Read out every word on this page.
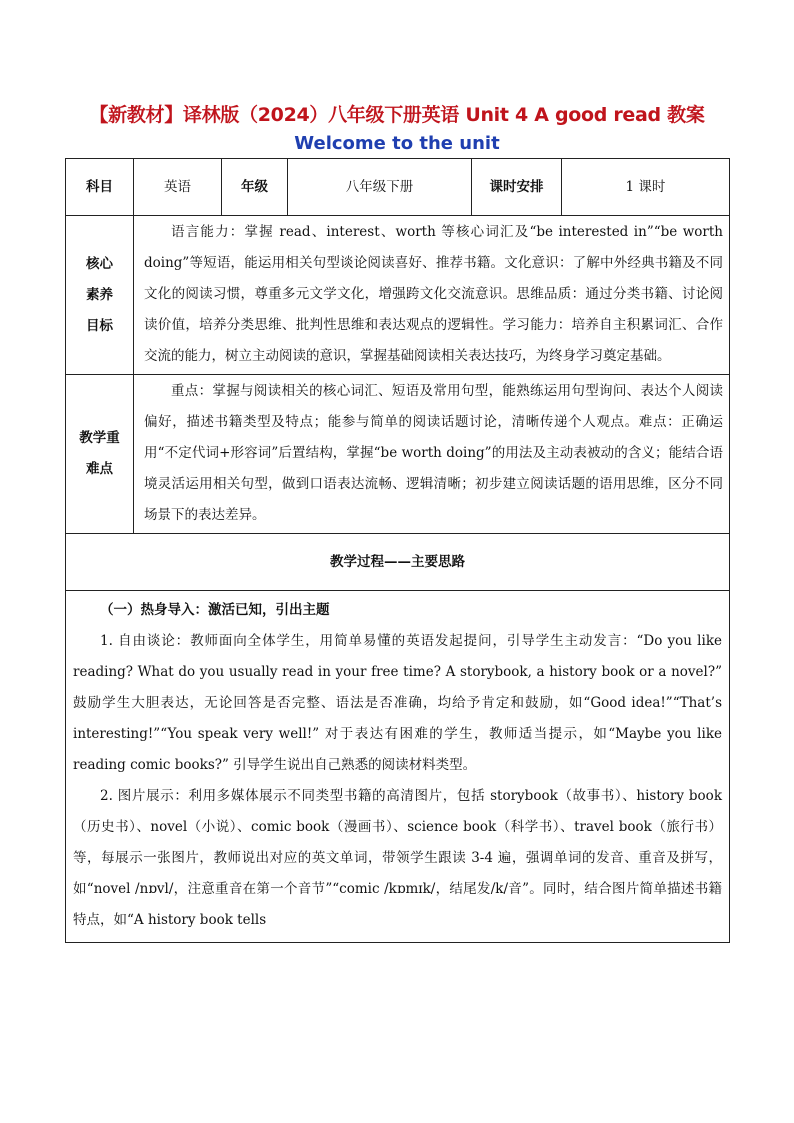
【新教材】译林版（2024）八年级下册英语 Unit 4 A good read 教案
Welcome to the unit
科目	英语	年级	八年级下册	课时安排	1 课时

核心素养目标	语言能力：掌握 read、interest、worth 等核心词汇及“be interested in”“be worth doing”等短语，能运用相关句型谈论阅读喜好、推荐书籍。文化意识：了解中外经典书籍及不同文化的阅读习惯，尊重多元文学文化，增强跨文化交流意识。思维品质：通过分类书籍、讨论阅读价值，培养分类思维、批判性思维和表达观点的逻辑性。学习能力：培养自主积累词汇、合作交流的能力，树立主动阅读的意识，掌握基础阅读相关表达技巧，为终身学习奠定基础。				

教学重难点	重点：掌握与阅读相关的核心词汇、短语及常用句型，能熟练运用句型询问、表达个人阅读偏好，描述书籍类型及特点；能参与简单的阅读话题讨论，清晰传递个人观点。难点：正确运用“不定代词+形容词”后置结构，掌握“be worth doing”的用法及主动表被动的含义；能结合语境灵活运用相关句型，做到口语表达流畅、逻辑清晰；初步建立阅读话题的语用思维，区分不同场景下的表达差异。				
教学过程——主要思路					

（一）热身导入：激活已知，引出主题

1. 自由谈论：教师面向全体学生，用简单易懂的英语发起提问，引导学生主动发言：“Do you like reading? What do you usually read in your free time? A storybook, a history book or a novel?” 鼓励学生大胆表达，无论回答是否完整、语法是否准确，均给予肯定和鼓励，如“Good idea!”“That’s interesting!”“You speak very well!” 对于表达有困难的学生，教师适当提示，如“Maybe you like reading comic books?” 引导学生说出自己熟悉的阅读材料类型。

2. 图片展示：利用多媒体展示不同类型书籍的高清图片，包括 storybook（故事书）、history book（历史书）、novel（小说）、comic book（漫画书）、science book（科学书）、travel book（旅行书）等，每展示一张图片，教师说出对应的英文单词，带领学生跟读 3-4 遍，强调单词的发音、重音及拼写，如“novel /nɒvl/，注意重音在第一个音节”“comic /kɒmɪk/，结尾发/k/音”。同时，结合图片简单描述书籍特点，如“A history book tells					
